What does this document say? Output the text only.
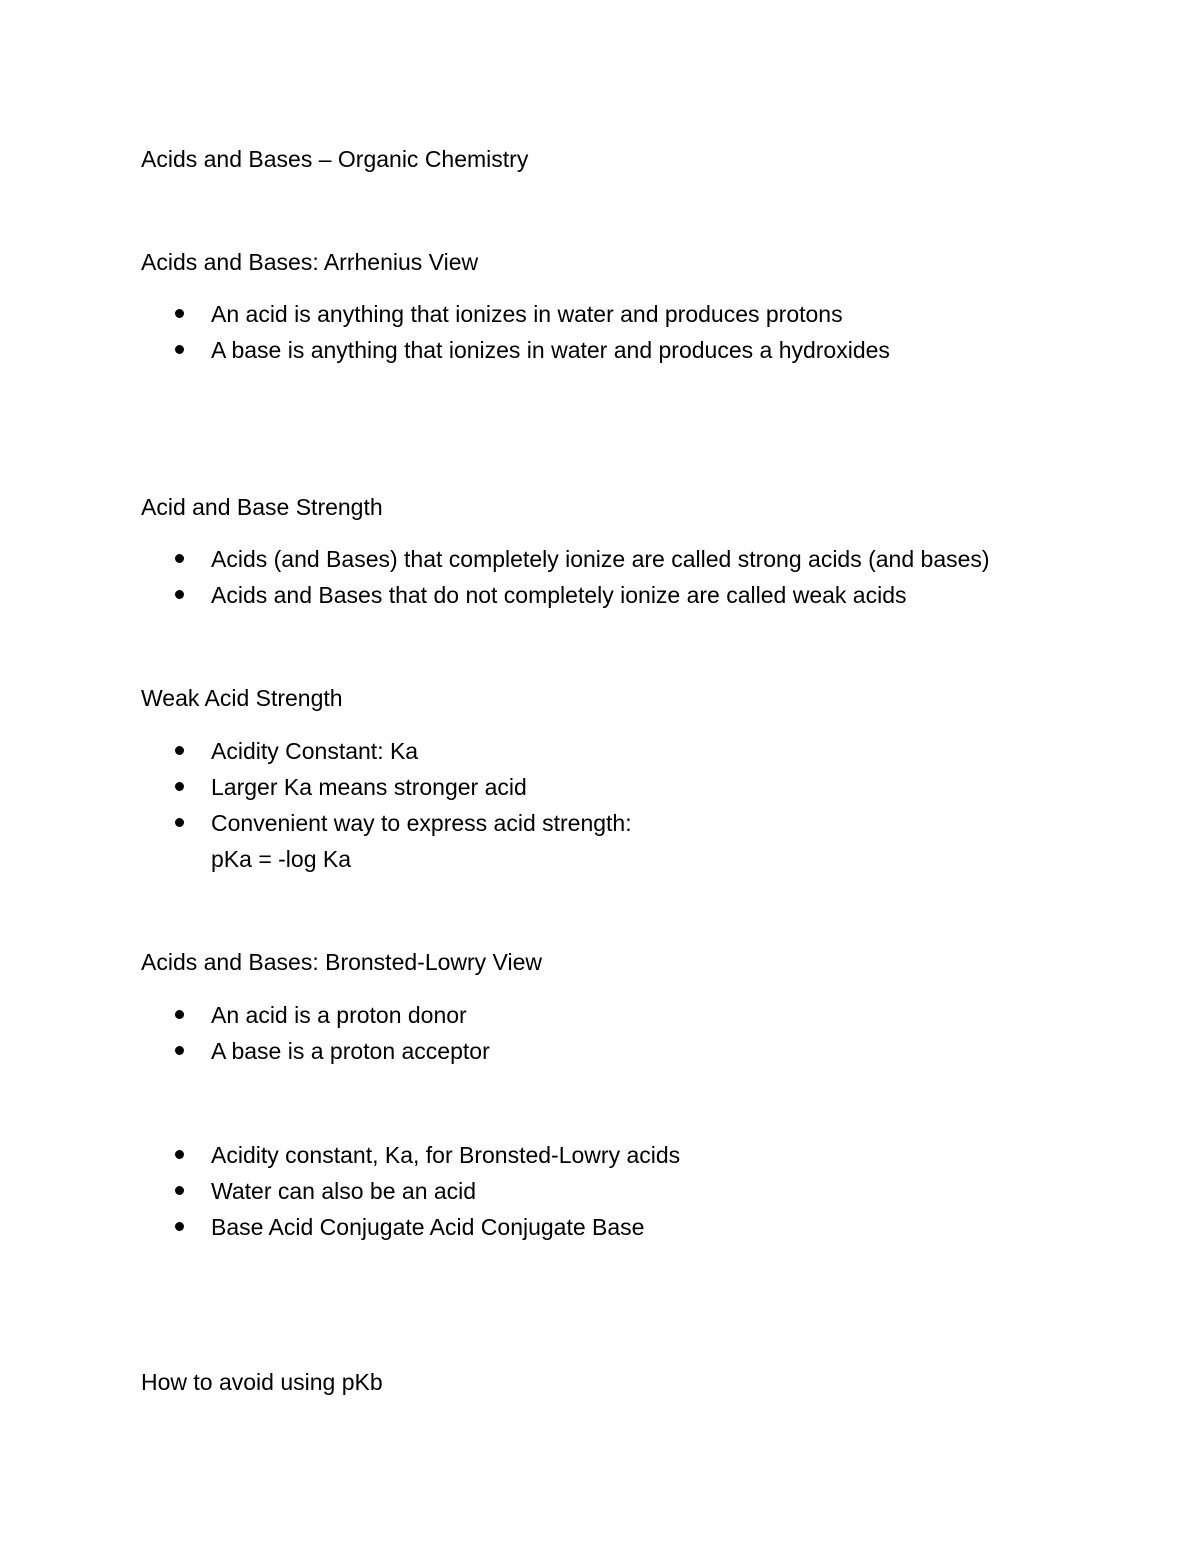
Acids and Bases – Organic Chemistry
Acids and Bases: Arrhenius View
An acid is anything that ionizes in water and produces protons
A base is anything that ionizes in water and produces a hydroxides
Acid and Base Strength
Acids (and Bases) that completely ionize are called strong acids (and bases)
Acids and Bases that do not completely ionize are called weak acids
Weak Acid Strength
Acidity Constant: Ka
Larger Ka means stronger acid
Convenient way to express acid strength:
pKa = -log Ka
Acids and Bases: Bronsted-Lowry View
An acid is a proton donor
A base is a proton acceptor
Acidity constant, Ka, for Bronsted-Lowry acids
Water can also be an acid
Base Acid Conjugate Acid Conjugate Base
How to avoid using pKb
